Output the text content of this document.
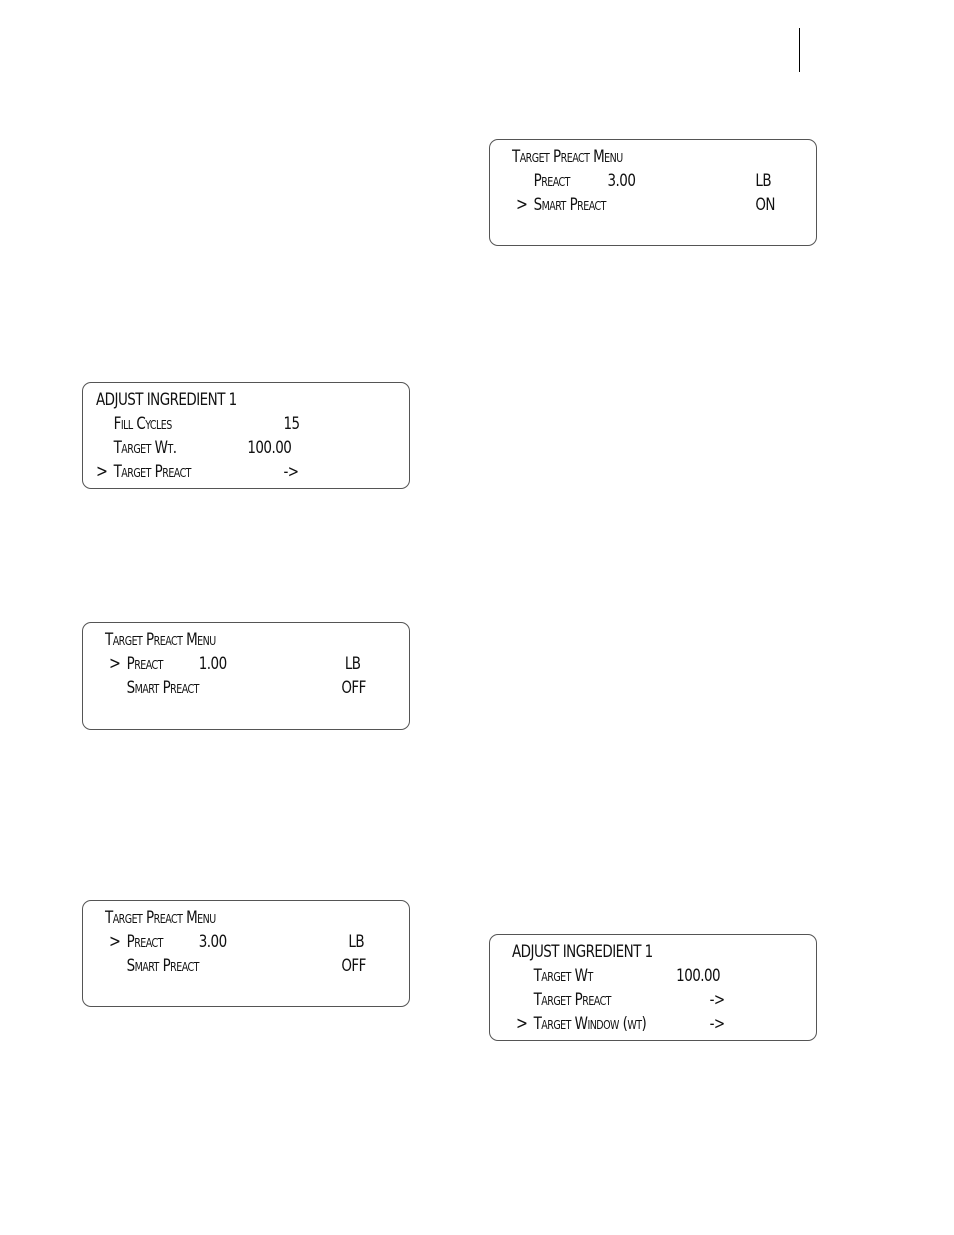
ADJUST INGREDIENT 1
Fill Cycles	15
Target Wt.	100.00
> Target Preact	->
Target Preact Menu
> Preact 1.00	LB
Smart Preact	OFF
Target Preact Menu
> Preact 3.00	LB
Smart Preact	OFF
Target Preact Menu
Preact 3.00	LB
> Smart Preact	ON
ADJUST INGREDIENT 1
Target Wt	100.00
Target Preact	->
> Target Window (wt)	->
